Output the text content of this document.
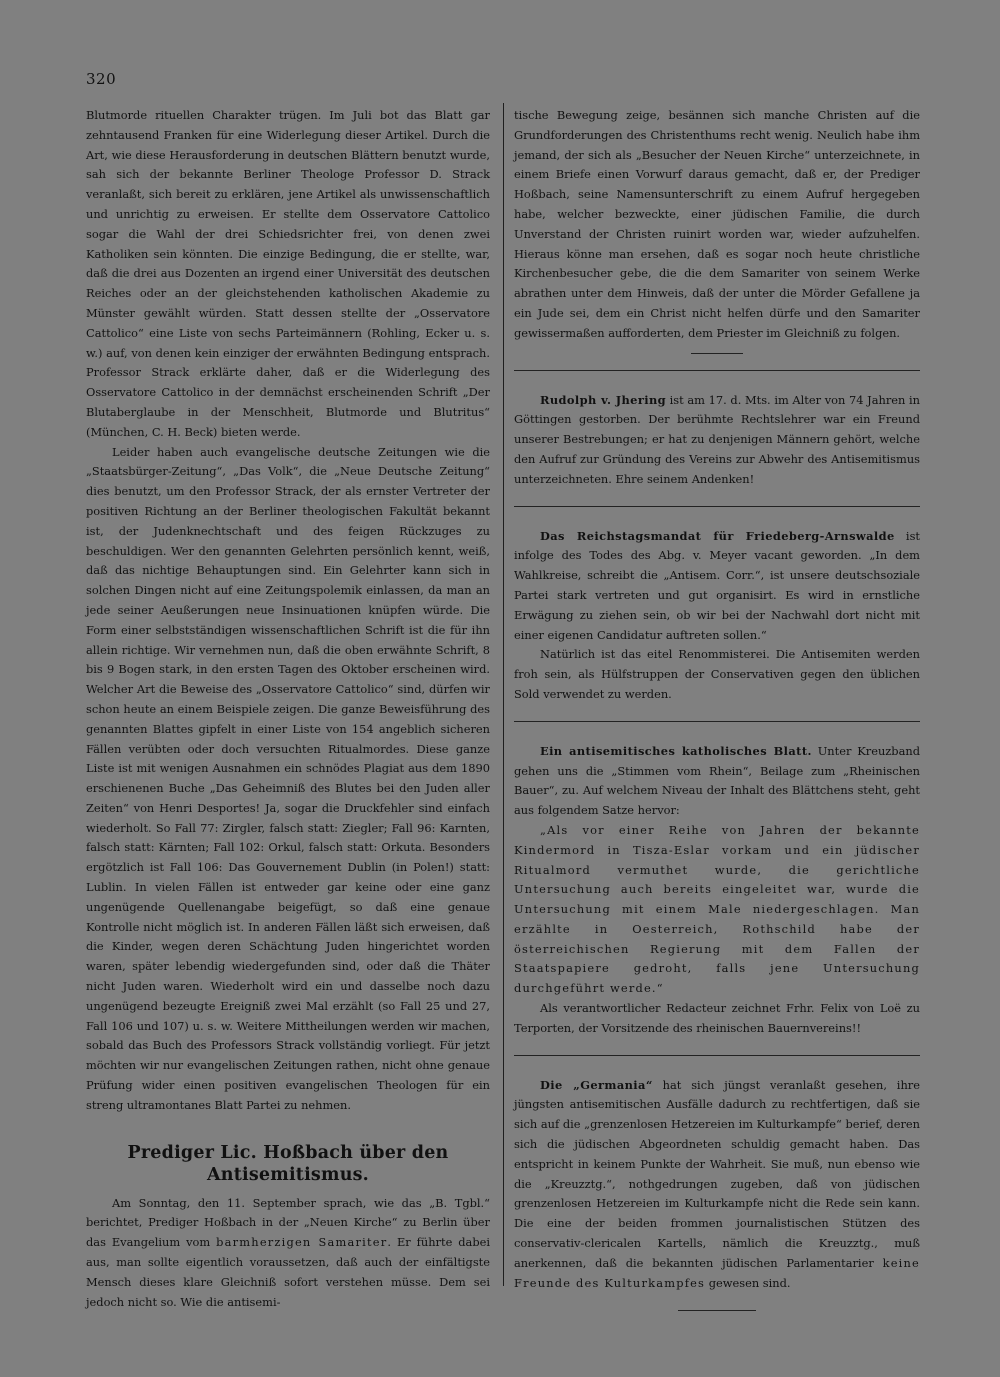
320

Blutmorde rituellen Charakter trügen. Im Juli bot das Blatt gar zehntausend Franken für eine Widerlegung dieser Artikel. Durch die Art, wie diese Herausforderung in deutschen Blättern benutzt wurde, sah sich der bekannte Berliner Theologe Professor D. Strack veranlaßt, sich bereit zu erklären, jene Artikel als unwissenschaftlich und unrichtig zu erweisen. Er stellte dem Osservatore Cattolico sogar die Wahl der drei Schiedsrichter frei, von denen zwei Katholiken sein könnten. Die einzige Bedingung, die er stellte, war, daß die drei aus Dozenten an irgend einer Universität des deutschen Reiches oder an der gleichstehenden katholischen Akademie zu Münster gewählt würden. Statt dessen stellte der „Osservatore Cattolico“ eine Liste von sechs Parteimännern (Rohling, Ecker u. s. w.) auf, von denen kein einziger der erwähnten Bedingung entsprach. Professor Strack erklärte daher, daß er die Widerlegung des Osservatore Cattolico in der demnächst erscheinenden Schrift „Der Blutaberglaube in der Menschheit, Blutmorde und Blutritus“ (München, C. H. Beck) bieten werde.

Leider haben auch evangelische deutsche Zeitungen wie die „Staatsbürger-Zeitung“, „Das Volk“, die „Neue Deutsche Zeitung“ dies benutzt, um den Professor Strack, der als ernster Vertreter der positiven Richtung an der Berliner theologischen Fakultät bekannt ist, der Judenknechtschaft und des feigen Rückzuges zu beschuldigen. Wer den genannten Gelehrten persönlich kennt, weiß, daß das nichtige Behauptungen sind. Ein Gelehrter kann sich in solchen Dingen nicht auf eine Zeitungspolemik einlassen, da man an jede seiner Aeußerungen neue Insinuationen knüpfen würde. Die Form einer selbstständigen wissenschaftlichen Schrift ist die für ihn allein richtige. Wir vernehmen nun, daß die oben erwähnte Schrift, 8 bis 9 Bogen stark, in den ersten Tagen des Oktober erscheinen wird. Welcher Art die Beweise des „Osservatore Cattolico“ sind, dürfen wir schon heute an einem Beispiele zeigen. Die ganze Beweisführung des genannten Blattes gipfelt in einer Liste von 154 angeblich sicheren Fällen verübten oder doch versuchten Ritualmordes. Diese ganze Liste ist mit wenigen Ausnahmen ein schnödes Plagiat aus dem 1890 erschienenen Buche „Das Geheimniß des Blutes bei den Juden aller Zeiten“ von Henri Desportes! Ja, sogar die Druckfehler sind einfach wiederholt. So Fall 77: Zirgler, falsch statt: Ziegler; Fall 96: Karnten, falsch statt: Kärnten; Fall 102: Orkul, falsch statt: Orkuta. Besonders ergötzlich ist Fall 106: Das Gouvernement Dublin (in Polen!) statt: Lublin. In vielen Fällen ist entweder gar keine oder eine ganz ungenügende Quellenangabe beigefügt, so daß eine genaue Kontrolle nicht möglich ist. In anderen Fällen läßt sich erweisen, daß die Kinder, wegen deren Schächtung Juden hingerichtet worden waren, später lebendig wiedergefunden sind, oder daß die Thäter nicht Juden waren. Wiederholt wird ein und dasselbe noch dazu ungenügend bezeugte Ereigniß zwei Mal erzählt (so Fall 25 und 27, Fall 106 und 107) u. s. w. Weitere Mittheilungen werden wir machen, sobald das Buch des Professors Strack vollständig vorliegt. Für jetzt möchten wir nur evangelischen Zeitungen rathen, nicht ohne genaue Prüfung wider einen positiven evangelischen Theologen für ein streng ultramontanes Blatt Partei zu nehmen.

Prediger Lic. Hoßbach über den Antisemitismus.

Am Sonntag, den 11. September sprach, wie das „B. Tgbl.“ berichtet, Prediger Hoßbach in der „Neuen Kirche“ zu Berlin über das Evangelium vom barmherzigen Samariter. Er führte dabei aus, man sollte eigentlich voraussetzen, daß auch der einfältigste Mensch dieses klare Gleichniß sofort verstehen müsse. Dem sei jedoch nicht so. Wie die antisemi-

tische Bewegung zeige, besännen sich manche Christen auf die Grundforderungen des Christenthums recht wenig. Neulich habe ihm jemand, der sich als „Besucher der Neuen Kirche“ unterzeichnete, in einem Briefe einen Vorwurf daraus gemacht, daß er, der Prediger Hoßbach, seine Namensunterschrift zu einem Aufruf hergegeben habe, welcher bezweckte, einer jüdischen Familie, die durch Unverstand der Christen ruinirt worden war, wieder aufzuhelfen. Hieraus könne man ersehen, daß es sogar noch heute christliche Kirchenbesucher gebe, die die dem Samariter von seinem Werke abrathen unter dem Hinweis, daß der unter die Mörder Gefallene ja ein Jude sei, dem ein Christ nicht helfen dürfe und den Samariter gewissermaßen aufforderten, dem Priester im Gleichniß zu folgen.

Rudolph v. Jhering ist am 17. d. Mts. im Alter von 74 Jahren in Göttingen gestorben. Der berühmte Rechtslehrer war ein Freund unserer Bestrebungen; er hat zu denjenigen Männern gehört, welche den Aufruf zur Gründung des Vereins zur Abwehr des Antisemitismus unterzeichneten. Ehre seinem Andenken!

Das Reichstagsmandat für Friedeberg-Arnswalde ist infolge des Todes des Abg. v. Meyer vacant geworden. „In dem Wahlkreise, schreibt die „Antisem. Corr.“, ist unsere deutschsoziale Partei stark vertreten und gut organisirt. Es wird in ernstliche Erwägung zu ziehen sein, ob wir bei der Nachwahl dort nicht mit einer eigenen Candidatur auftreten sollen.“

Natürlich ist das eitel Renommisterei. Die Antisemiten werden froh sein, als Hülfstruppen der Conservativen gegen den üblichen Sold verwendet zu werden.

Ein antisemitisches katholisches Blatt. Unter Kreuzband gehen uns die „Stimmen vom Rhein“, Beilage zum „Rheinischen Bauer“, zu. Auf welchem Niveau der Inhalt des Blättchens steht, geht aus folgendem Satze hervor:

„Als vor einer Reihe von Jahren der bekannte Kindermord in Tisza-Eslar vorkam und ein jüdischer Ritualmord vermuthet wurde, die gerichtliche Untersuchung auch bereits eingeleitet war, wurde die Untersuchung mit einem Male niedergeschlagen. Man erzählte in Oesterreich, Rothschild habe der österreichischen Regierung mit dem Fallen der Staatspapiere gedroht, falls jene Untersuchung durchgeführt werde.“

Als verantwortlicher Redacteur zeichnet Frhr. Felix von Loë zu Terporten, der Vorsitzende des rheinischen Bauernvereins!!

Die „Germania“ hat sich jüngst veranlaßt gesehen, ihre jüngsten antisemitischen Ausfälle dadurch zu rechtfertigen, daß sie sich auf die „grenzenlosen Hetzereien im Kulturkampfe“ berief, deren sich die jüdischen Abgeordneten schuldig gemacht haben. Das entspricht in keinem Punkte der Wahrheit. Sie muß, nun ebenso wie die „Kreuzztg.“, nothgedrungen zugeben, daß von jüdischen grenzenlosen Hetzereien im Kulturkampfe nicht die Rede sein kann. Die eine der beiden frommen journalistischen Stützen des conservativ-clericalen Kartells, nämlich die Kreuzztg., muß anerkennen, daß die bekannten jüdischen Parlamentarier keine Freunde des Kulturkampfes gewesen sind.
